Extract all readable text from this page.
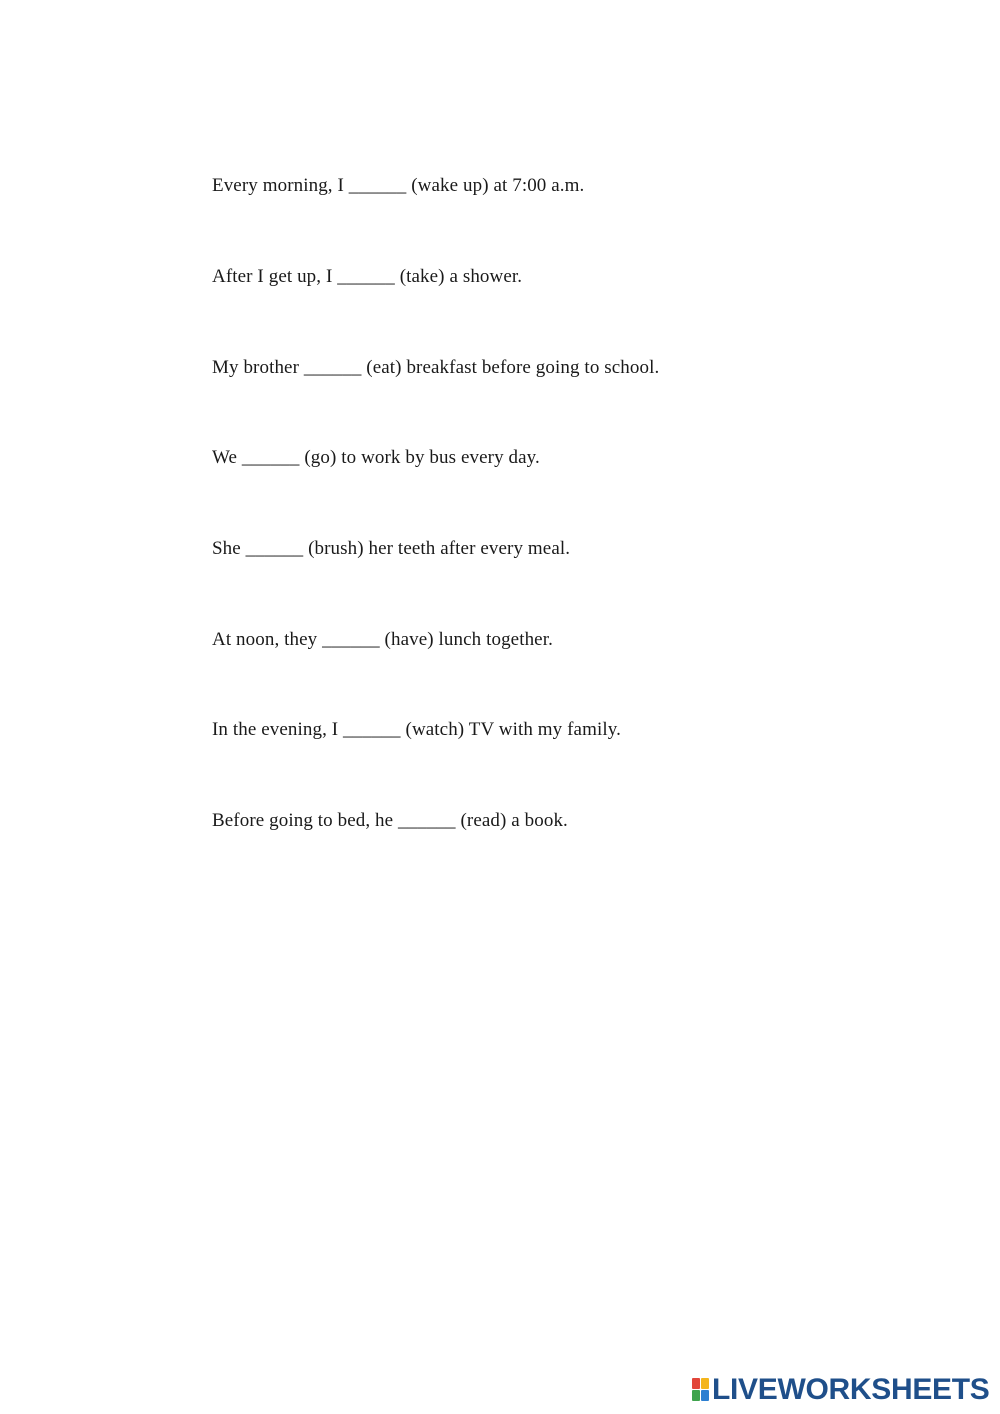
Every morning, I ______ (wake up) at 7:00 a.m.
After I get up, I ______ (take) a shower.
My brother ______ (eat) breakfast before going to school.
We ______ (go) to work by bus every day.
She ______ (brush) her teeth after every meal.
At noon, they ______ (have) lunch together.
In the evening, I ______ (watch) TV with my family.
Before going to bed, he ______ (read) a book.
LIVEWORKSHEETS
